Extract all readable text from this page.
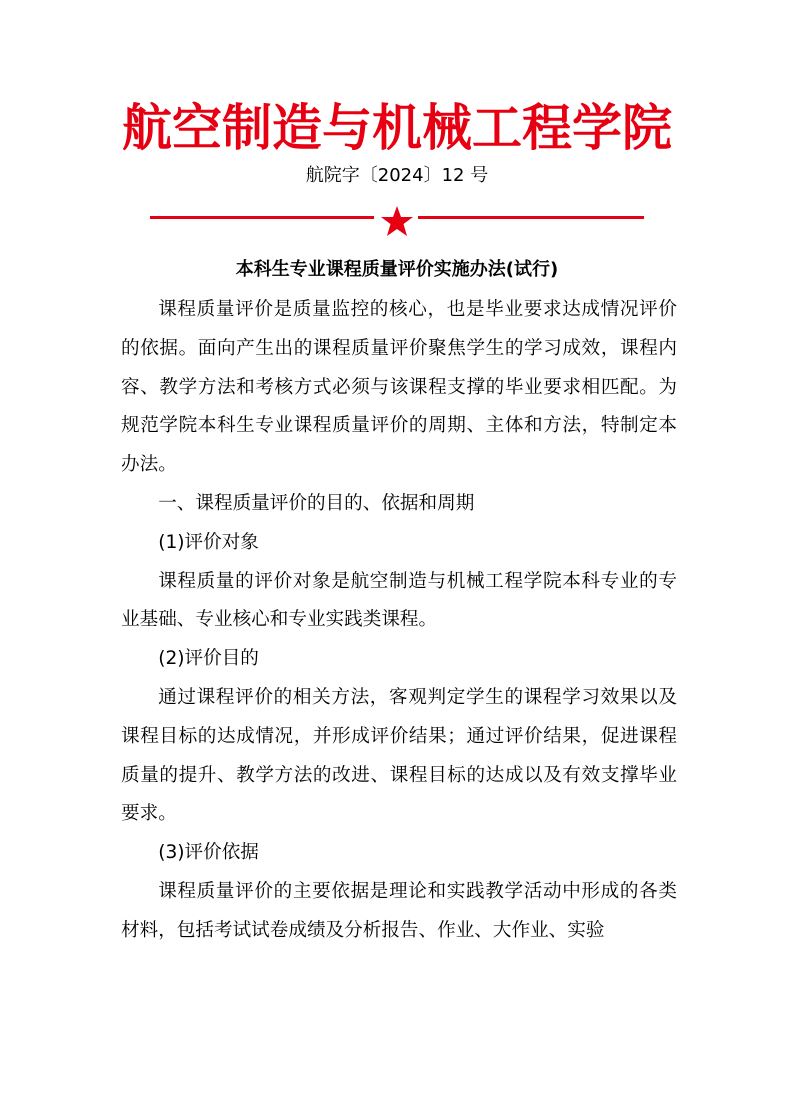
航空制造与机械工程学院
航院字〔2024〕12 号
本科生专业课程质量评价实施办法(试行)

课程质量评价是质量监控的核心，也是毕业要求达成情况评价的依据。面向产生出的课程质量评价聚焦学生的学习成效，课程内容、教学方法和考核方式必须与该课程支撑的毕业要求相匹配。为规范学院本科生专业课程质量评价的周期、主体和方法，特制定本办法。

一、课程质量评价的目的、依据和周期

(1)评价对象

课程质量的评价对象是航空制造与机械工程学院本科专业的专业基础、专业核心和专业实践类课程。

(2)评价目的

通过课程评价的相关方法，客观判定学生的课程学习效果以及课程目标的达成情况，并形成评价结果；通过评价结果，促进课程质量的提升、教学方法的改进、课程目标的达成以及有效支撑毕业要求。

(3)评价依据

课程质量评价的主要依据是理论和实践教学活动中形成的各类材料，包括考试试卷成绩及分析报告、作业、大作业、实验
